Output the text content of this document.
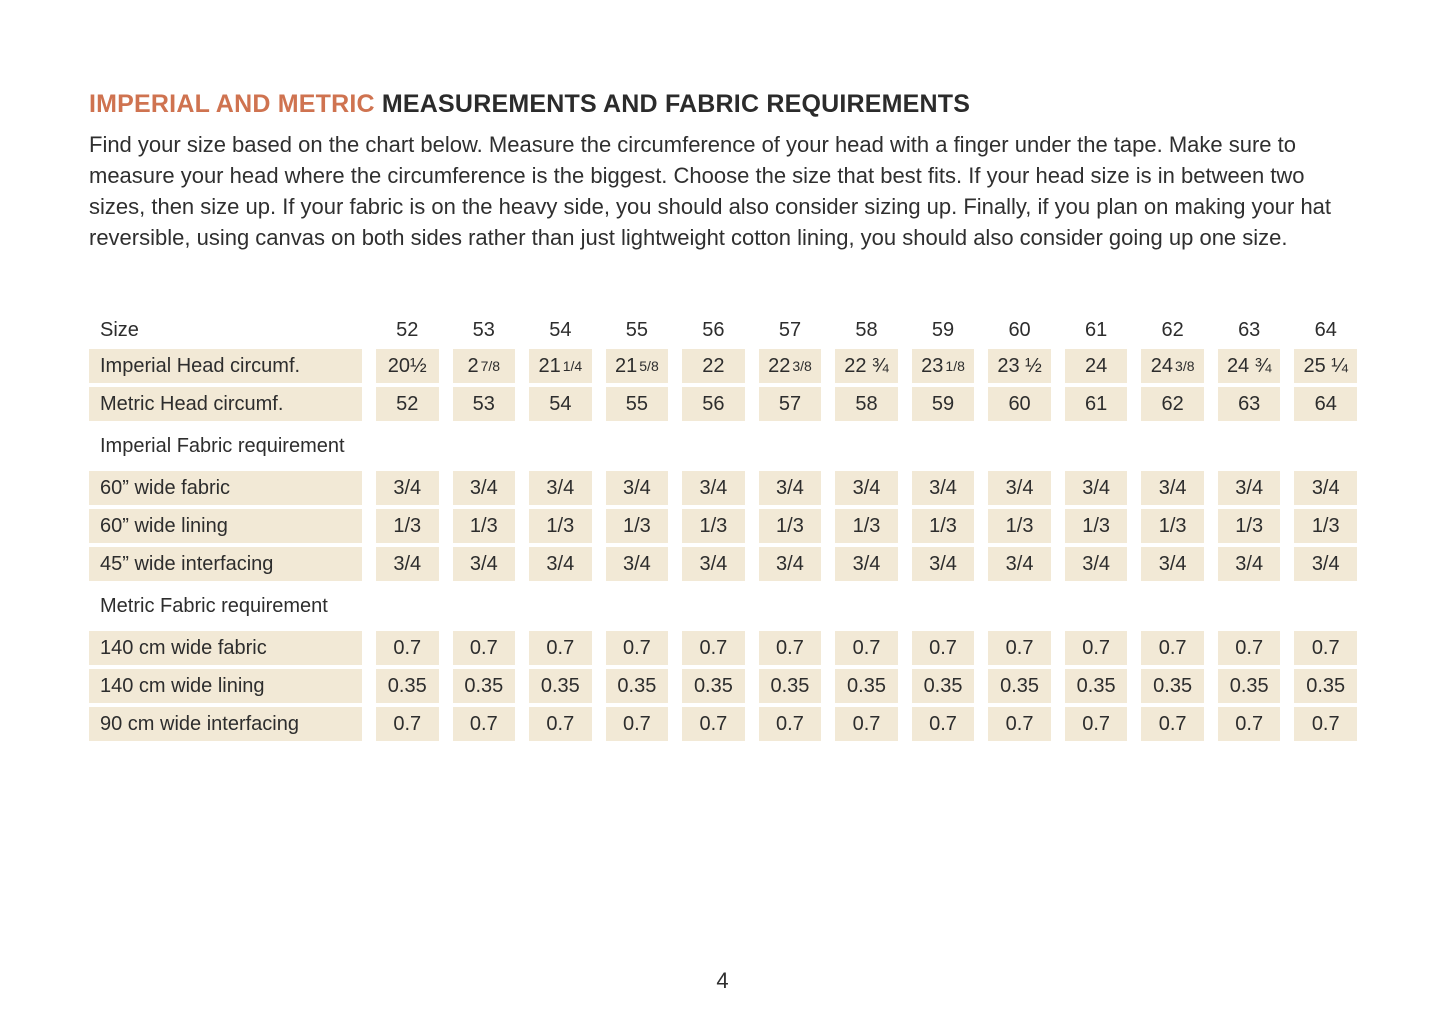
IMPERIAL AND METRIC MEASUREMENTS AND FABRIC REQUIREMENTS

Find your size based on the chart below. Measure the circumference of your head with a finger under the tape. Make sure to measure your head where the circumference is the biggest. Choose the size that best fits. If your head size is in between two sizes, then size up. If your fabric is on the heavy side, you should also consider sizing up. Finally, if you plan on making your hat reversible, using canvas on both sides rather than just lightweight cotton lining, you should also consider going up one size.

Size	52	53	54	55	56	57	58	59	60	61	62	63	64
Imperial Head circumf.	20½	2 7/8	21 1/4	21 5/8	22	22 3/8	22 ¾	23 1/8	23 ½	24	24 3/8	24 ¾	25 ¼
Metric Head circumf.	52	53	54	55	56	57	58	59	60	61	62	63	64
Imperial Fabric requirement
60” wide fabric	3/4	3/4	3/4	3/4	3/4	3/4	3/4	3/4	3/4	3/4	3/4	3/4	3/4
60” wide lining	1/3	1/3	1/3	1/3	1/3	1/3	1/3	1/3	1/3	1/3	1/3	1/3	1/3
45” wide interfacing	3/4	3/4	3/4	3/4	3/4	3/4	3/4	3/4	3/4	3/4	3/4	3/4	3/4
Metric Fabric requirement
140 cm wide fabric	0.7	0.7	0.7	0.7	0.7	0.7	0.7	0.7	0.7	0.7	0.7	0.7	0.7
140 cm wide lining	0.35	0.35	0.35	0.35	0.35	0.35	0.35	0.35	0.35	0.35	0.35	0.35	0.35
90 cm wide interfacing	0.7	0.7	0.7	0.7	0.7	0.7	0.7	0.7	0.7	0.7	0.7	0.7	0.7
4
